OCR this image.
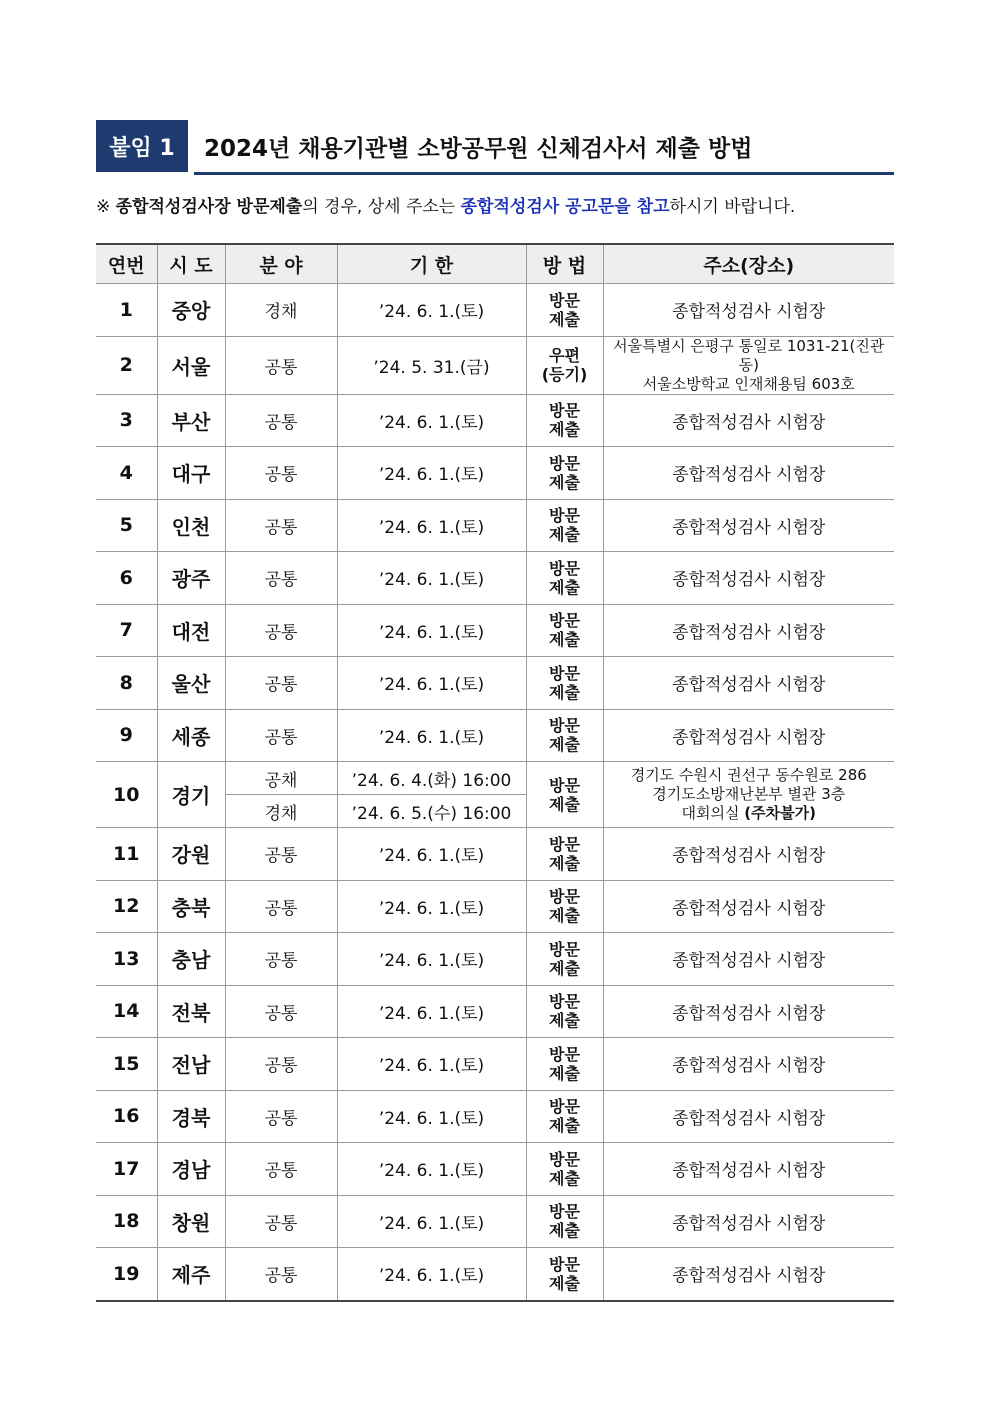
붙임 1	2024년 채용기관별 소방공무원 신체검사서 제출 방법
※ 종합적성검사장 방문제출의 경우, 상세 주소는 종합적성검사 공고문을 참고하시기 바랍니다.
연번	시 도	분 야	기 한	방 법	주소(장소)
1	중앙	경채	’24. 6. 1.(토)	방문
제출	종합적성검사 시험장
2	서울	공통	’24. 5. 31.(금)	우편
(등기)	서울특별시 은평구 통일로 1031-21(진관동)
서울소방학교 인재채용팀 603호

3	부산	공통	’24. 6. 1.(토)	방문
제출	종합적성검사 시험장
4	대구	공통	’24. 6. 1.(토)	방문
제출	종합적성검사 시험장
5	인천	공통	’24. 6. 1.(토)	방문
제출	종합적성검사 시험장
6	광주	공통	’24. 6. 1.(토)	방문
제출	종합적성검사 시험장
7	대전	공통	’24. 6. 1.(토)	방문
제출	종합적성검사 시험장
8	울산	공통	’24. 6. 1.(토)	방문
제출	종합적성검사 시험장
9	세종	공통	’24. 6. 1.(토)	방문
제출	종합적성검사 시험장
10	경기	공채	’24. 6. 4.(화) 16:00	방문
제출	경기도 수원시 권선구 동수원로 286
경기도소방재난본부 별관 3층
대회의실 (주차불가)

		경채	’24. 6. 5.(수) 16:00		
11	강원	공통	’24. 6. 1.(토)	방문
제출	종합적성검사 시험장
12	충북	공통	’24. 6. 1.(토)	방문
제출	종합적성검사 시험장
13	충남	공통	’24. 6. 1.(토)	방문
제출	종합적성검사 시험장
14	전북	공통	’24. 6. 1.(토)	방문
제출	종합적성검사 시험장
15	전남	공통	’24. 6. 1.(토)	방문
제출	종합적성검사 시험장
16	경북	공통	’24. 6. 1.(토)	방문
제출	종합적성검사 시험장
17	경남	공통	’24. 6. 1.(토)	방문
제출	종합적성검사 시험장
18	창원	공통	’24. 6. 1.(토)	방문
제출	종합적성검사 시험장
19	제주	공통	’24. 6. 1.(토)	방문
제출	종합적성검사 시험장
